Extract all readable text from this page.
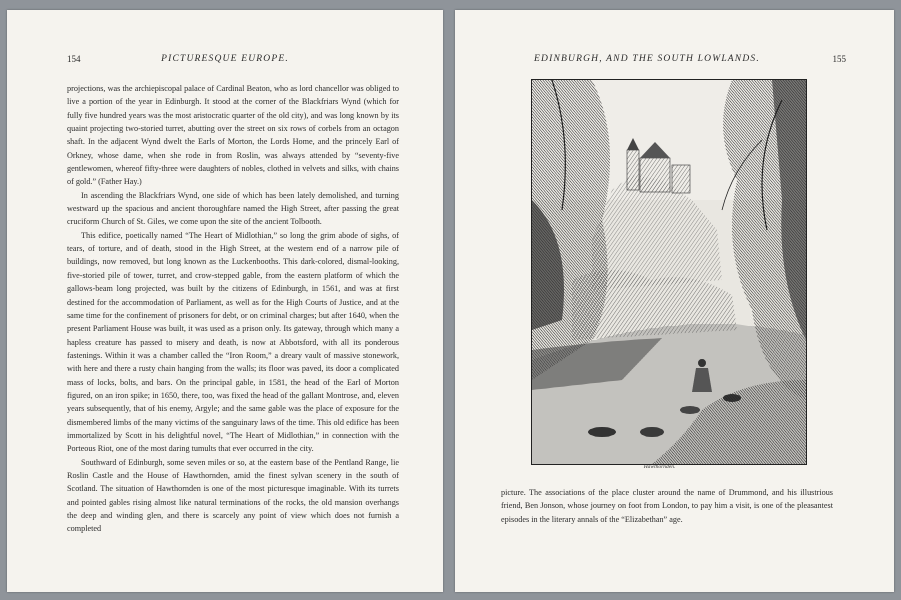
154	PICTURESQUE EUROPE.

projections, was the archiepiscopal palace of Cardinal Beaton, who as lord chancellor was obliged to live a portion of the year in Edinburgh. It stood at the corner of the Blackfriars Wynd (which for fully five hundred years was the most aristocratic quarter of the old city), and was long known by its quaint projecting two-storied turret, abutting over the street on six rows of corbels from an octagon shaft. In the adjacent Wynd dwelt the Earls of Morton, the Lords Home, and the princely Earl of Orkney, whose dame, when she rode in from Roslin, was always attended by “seventy-five gentlewomen, whereof fifty-three were daughters of nobles, clothed in velvets and silks, with chains of gold.” (Father Hay.)

In ascending the Blackfriars Wynd, one side of which has been lately demolished, and turning westward up the spacious and ancient thoroughfare named the High Street, after passing the great cruciform Church of St. Giles, we come upon the site of the ancient Tolbooth.

This edifice, poetically named “The Heart of Midlothian,” so long the grim abode of sighs, of tears, of torture, and of death, stood in the High Street, at the western end of a narrow pile of buildings, now removed, but long known as the Luckenbooths. This dark-colored, dismal-looking, five-storied pile of tower, turret, and crow-stepped gable, from the eastern platform of which the gallows-beam long projected, was built by the citizens of Edinburgh, in 1561, and was at first destined for the accommodation of Parliament, as well as for the High Courts of Justice, and at the same time for the confinement of prisoners for debt, or on criminal charges; but after 1640, when the present Parliament House was built, it was used as a prison only. Its gateway, through which many a hapless creature has passed to misery and death, is now at Abbotsford, with all its ponderous fastenings. Within it was a chamber called the “Iron Room,” a dreary vault of massive stonework, with here and there a rusty chain hanging from the walls; its floor was paved, its door a complicated mass of locks, bolts, and bars. On the principal gable, in 1581, the head of the Earl of Morton figured, on an iron spike; in 1650, there, too, was fixed the head of the gallant Montrose, and, eleven years subsequently, that of his enemy, Argyle; and the same gable was the place of exposure for the dismembered limbs of the many victims of the sanguinary laws of the time. This old edifice has been immortalized by Scott in his delightful novel, “The Heart of Midlothian,” in connection with the Porteous Riot, one of the most daring tumults that ever occurred in the city.

Southward of Edinburgh, some seven miles or so, at the eastern base of the Pentland Range, lie Roslin Castle and the House of Hawthornden, amid the finest sylvan scenery in the south of Scotland. The situation of Hawthornden is one of the most picturesque imaginable. With its turrets and pointed gables rising almost like natural terminations of the rocks, the old mansion overhangs the deep and winding glen, and there is scarcely any point of view which does not furnish a completed

EDINBURGH, AND THE SOUTH LOWLANDS.	155
Hawthornden.

picture. The associations of the place cluster around the name of Drummond, and his illustrious friend, Ben Jonson, whose journey on foot from London, to pay him a visit, is one of the pleasantest episodes in the literary annals of the “Elizabethan” age.
